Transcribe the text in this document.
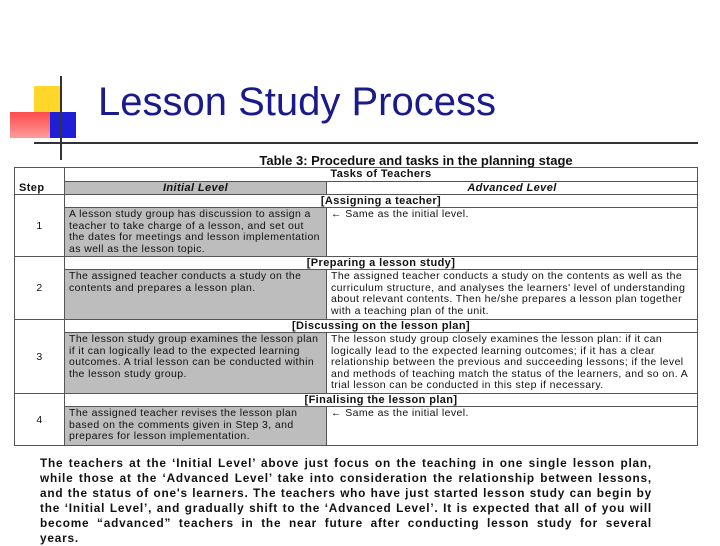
Lesson Study Process
Table 3: Procedure and tasks in the planning stage
Step	Tasks of Teachers	
	Initial Level	Advanced Level
1	[Assigning a teacher]	
	A lesson study group has discussion to assign a teacher to take charge of a lesson, and set out the dates for meetings and lesson implementation as well as the lesson topic.	← Same as the initial level.
2	[Preparing a lesson study]	
	The assigned teacher conducts a study on the contents and prepares a lesson plan.	The assigned teacher conducts a study on the contents as well as the curriculum structure, and analyses the learners' level of understanding about relevant contents. Then he/she prepares a lesson plan together with a teaching plan of the unit.
3	[Discussing on the lesson plan]	
	The lesson study group examines the lesson plan if it can logically lead to the expected learning outcomes. A trial lesson can be conducted within the lesson study group.	The lesson study group closely examines the lesson plan: if it can logically lead to the expected learning outcomes; if it has a clear relationship between the previous and succeeding lessons; if the level and methods of teaching match the status of the learners, and so on. A trial lesson can be conducted in this step if necessary.
4	[Finalising the lesson plan]	
	The assigned teacher revises the lesson plan based on the comments given in Step 3, and prepares for lesson implementation.	← Same as the initial level.
The teachers at the ‘Initial Level’ above just focus on the teaching in one single lesson plan, while those at the ‘Advanced Level’ take into consideration the relationship between lessons, and the status of one's learners. The teachers who have just started lesson study can begin by the ‘Initial Level’, and gradually shift to the ‘Advanced Level’. It is expected that all of you will become “advanced” teachers in the near future after conducting lesson study for several years.
